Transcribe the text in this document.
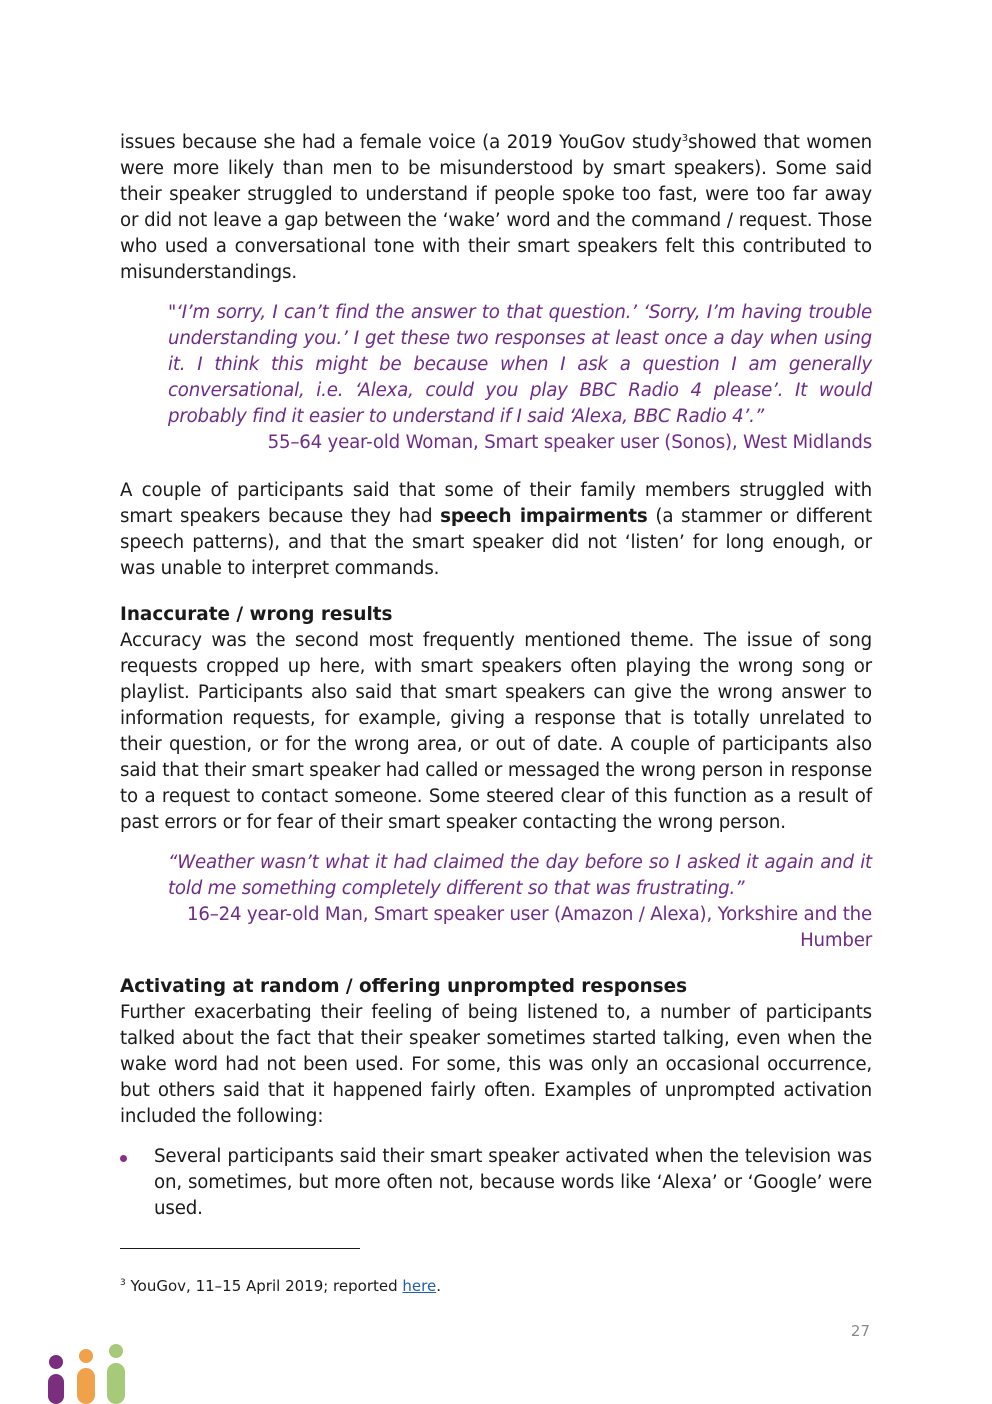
issues because she had a female voice (a 2019 YouGov study$^3$showed that women were more likely than men to be misunderstood by smart speakers). Some said their speaker struggled to understand if people spoke too fast, were too far away or did not leave a gap between the ‘wake’ word and the command / request. Those who used a conversational tone with their smart speakers felt this contributed to misunderstandings.

"‘I’m sorry, I can’t find the answer to that question.’ ‘Sorry, I’m having trouble understanding you.’ I get these two responses at least once a day when using it. I think this might be because when I ask a question I am generally conversational, i.e. ‘Alexa, could you play BBC Radio 4 please’. It would probably find it easier to understand if I said ‘Alexa, BBC Radio 4’.”

55–64 year-old Woman, Smart speaker user (Sonos), West Midlands

A couple of participants said that some of their family members struggled with smart speakers because they had speech impairments (a stammer or different speech patterns), and that the smart speaker did not ‘listen’ for long enough, or was unable to interpret commands.

Inaccurate / wrong results

Accuracy was the second most frequently mentioned theme. The issue of song requests cropped up here, with smart speakers often playing the wrong song or playlist. Participants also said that smart speakers can give the wrong answer to information requests, for example, giving a response that is totally unrelated to their question, or for the wrong area, or out of date. A couple of participants also said that their smart speaker had called or messaged the wrong person in response to a request to contact someone. Some steered clear of this function as a result of past errors or for fear of their smart speaker contacting the wrong person.

“Weather wasn’t what it had claimed the day before so I asked it again and it told me something completely different so that was frustrating.”

16–24 year-old Man, Smart speaker user (Amazon / Alexa), Yorkshire and the

Humber

Activating at random / offering unprompted responses

Further exacerbating their feeling of being listened to, a number of participants talked about the fact that their speaker sometimes started talking, even when the wake word had not been used. For some, this was only an occasional occurrence, but others said that it happened fairly often. Examples of unprompted activation included the following:

Several participants said their smart speaker activated when the television was on, sometimes, but more often not, because words like ‘Alexa’ or ‘Google’ were used.
$^3$ YouGov, 11–15 April 2019; reported here.
27
